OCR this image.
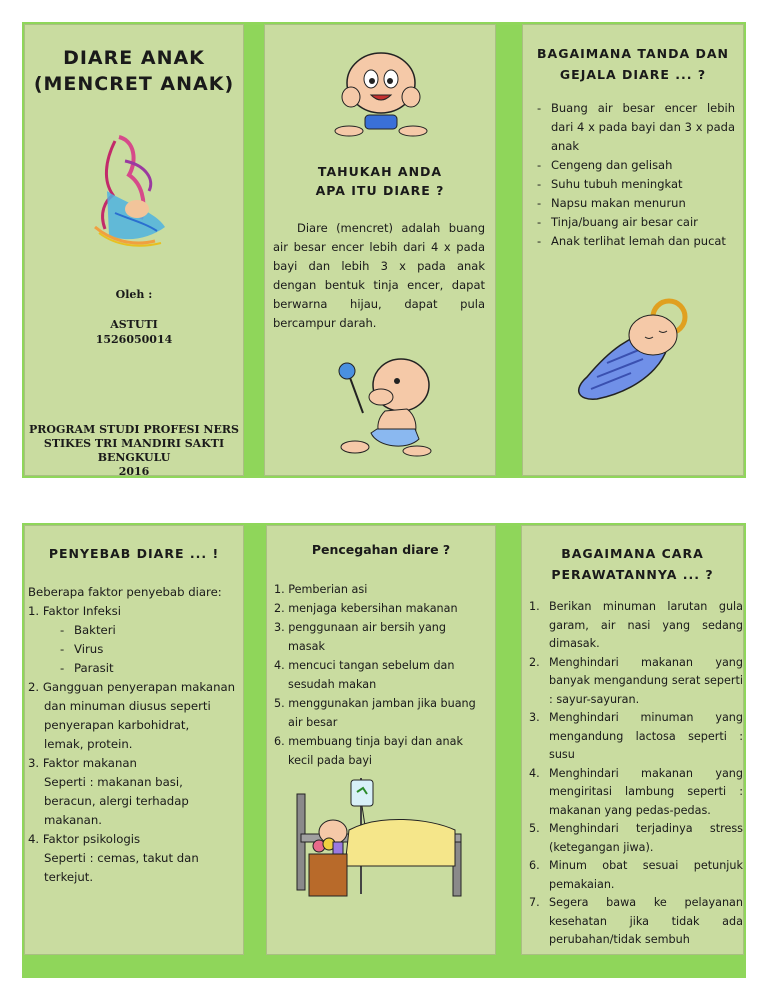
DIARE ANAK
(MENCRET ANAK)
Oleh :
ASTUTI
1526050014
PROGRAM STUDI PROFESI NERS
STIKES TRI MANDIRI SAKTI
BENGKULU
2016
TAHUKAH ANDA
APA ITU DIARE ?
Diare (mencret) adalah buang air besar encer lebih dari 4 x pada bayi dan lebih 3 x pada anak dengan bentuk tinja encer, dapat berwarna hijau, dapat pula bercampur darah.
BAGAIMANA TANDA DAN
GEJALA DIARE ... ?
- Buang air besar encer lebih dari 4 x pada bayi dan 3 x pada anak
- Cengeng dan gelisah
- Suhu tubuh meningkat
- Napsu makan menurun
- Tinja/buang air besar cair
- Anak terlihat lemah dan pucat
PENYEBAB DIARE ... !
Beberapa faktor penyebab diare:
1. Faktor Infeksi
- Bakteri
- Virus
- Parasit
2. Gangguan penyerapan makanan
dan minuman diusus seperti
penyerapan karbohidrat,
lemak, protein.
3. Faktor makanan
Seperti : makanan basi,
beracun, alergi terhadap
makanan.
4. Faktor psikologis
Seperti : cemas, takut dan
terkejut.
Pencegahan diare ?
1. Pemberian asi
2. menjaga kebersihan makanan
3. penggunaan air bersih yang masak
4. mencuci tangan sebelum dan sesudah makan
5. menggunakan jamban jika buang air besar
6. membuang tinja bayi dan anak kecil pada bayi
BAGAIMANA CARA
PERAWATANNYA ... ?
1. Berikan minuman larutan gula garam, air nasi yang sedang dimasak.
2. Menghindari makanan yang banyak mengandung serat seperti : sayur-sayuran.
3. Menghindari minuman yang mengandung lactosa seperti : susu
4. Menghindari makanan yang mengiritasi lambung seperti : makanan yang pedas-pedas.
5. Menghindari terjadinya stress (ketegangan jiwa).
6. Minum obat sesuai petunjuk pemakaian.
7. Segera bawa ke pelayanan kesehatan jika tidak ada perubahan/tidak sembuh
